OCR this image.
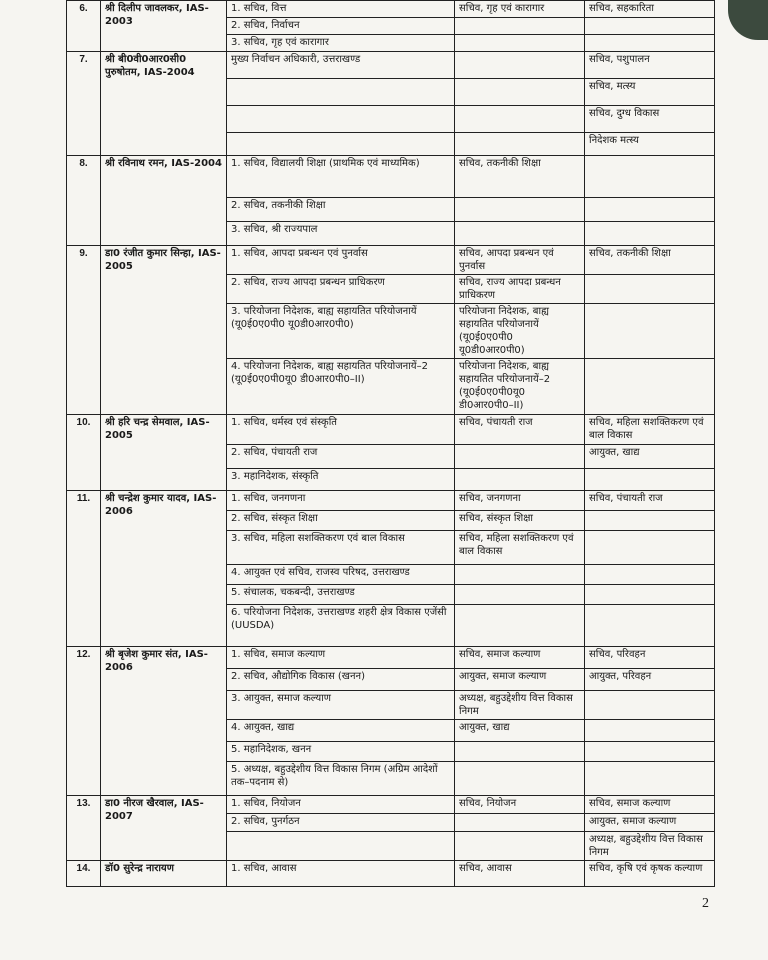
6.	श्री दिलीप जावलकर, IAS-2003	1. सचिव, वित्त	सचिव, गृह एवं कारागार	सचिव, सहकारिता
		2. सचिव, निर्वाचन		
		3. सचिव, गृह एवं कारागार		
7.	श्री बी0वी0आर0सी0 पुरुषोतम, IAS-2004	मुख्य निर्वाचन अधिकारी, उत्तराखण्ड		सचिव, पशुपालन
				सचिव, मत्स्य
				सचिव, दुग्ध विकास
				निदेशक मत्स्य
8.	श्री रविनाथ रमन, IAS-2004	1. सचिव, विद्यालयी शिक्षा (प्राथमिक एवं माध्यमिक)	सचिव, तकनीकी शिक्षा	
		2. सचिव, तकनीकी शिक्षा		
		3. सचिव, श्री राज्यपाल		
9.	डा0 रंजीत कुमार सिन्हा, IAS-2005	1. सचिव, आपदा प्रबन्धन एवं पुनर्वास	सचिव, आपदा प्रबन्धन एवं पुनर्वास	सचिव, तकनीकी शिक्षा
		2. सचिव, राज्य आपदा प्रबन्धन प्राधिकरण	सचिव, राज्य आपदा प्रबन्धन प्राधिकरण	
		3. परियोजना निदेशक, बाह्य सहायतित परियोजनायें (यू0ई0ए0पी0 यू0डी0आर0पी0)	परियोजना निदेशक, बाह्य सहायतित परियोजनायें (यू0ई0ए0पी0 यू0डी0आर0पी0)	
		4. परियोजना निदेशक, बाह्य सहायतित परियोजनायें–2 (यू0ई0ए0पी0यू0 डी0आर0पी0–II)	परियोजना निदेशक, बाह्य सहायतित परियोजनायें–2 (यू0ई0ए0पी0यू0 डी0आर0पी0–II)	
10.	श्री हरि चन्द्र सेमवाल, IAS-2005	1. सचिव, धर्मस्व एवं संस्कृति	सचिव, पंचायती राज	सचिव, महिला सशक्तिकरण एवं बाल विकास
		2. सचिव, पंचायती राज		आयुक्त, खाद्य
		3. महानिदेशक, संस्कृति		
11.	श्री चन्द्रेश कुमार यादव, IAS-2006	1. सचिव, जनगणना	सचिव, जनगणना	सचिव, पंचायती राज
		2. सचिव, संस्कृत शिक्षा	सचिव, संस्कृत शिक्षा	
		3. सचिव, महिला सशक्तिकरण एवं बाल विकास	सचिव, महिला सशक्तिकरण एवं बाल विकास	
		4. आयुक्त एवं सचिव, राजस्व परिषद, उत्तराखण्ड		
		5. संचालक, चकबन्दी, उत्तराखण्ड		
		6. परियोजना निदेशक, उत्तराखण्ड शहरी क्षेत्र विकास एजेंसी (UUSDA)		
12.	श्री बृजेश कुमार संत, IAS-2006	1. सचिव, समाज कल्याण	सचिव, समाज कल्याण	सचिव, परिवहन
		2. सचिव, औद्योगिक विकास (खनन)	आयुक्त, समाज कल्याण	आयुक्त, परिवहन
		3. आयुक्त, समाज कल्याण	अध्यक्ष, बहुउद्देशीय वित्त विकास निगम	
		4. आयुक्त, खाद्य	आयुक्त, खाद्य	
		5. महानिदेशक, खनन		
		5. अध्यक्ष, बहुउद्देशीय वित्त विकास निगम (अग्रिम आदेशों तक–पदनाम से)		
13.	डा0 नीरज खैरवाल, IAS-2007	1. सचिव, नियोजन	सचिव, नियोजन	सचिव, समाज कल्याण
		2. सचिव, पुनर्गठन		आयुक्त, समाज कल्याण
				अध्यक्ष, बहुउद्देशीय वित्त विकास निगम
14.	डॉ0 सुरेन्द्र नारायण	1. सचिव, आवास	सचिव, आवास	सचिव, कृषि एवं कृषक कल्याण
2
